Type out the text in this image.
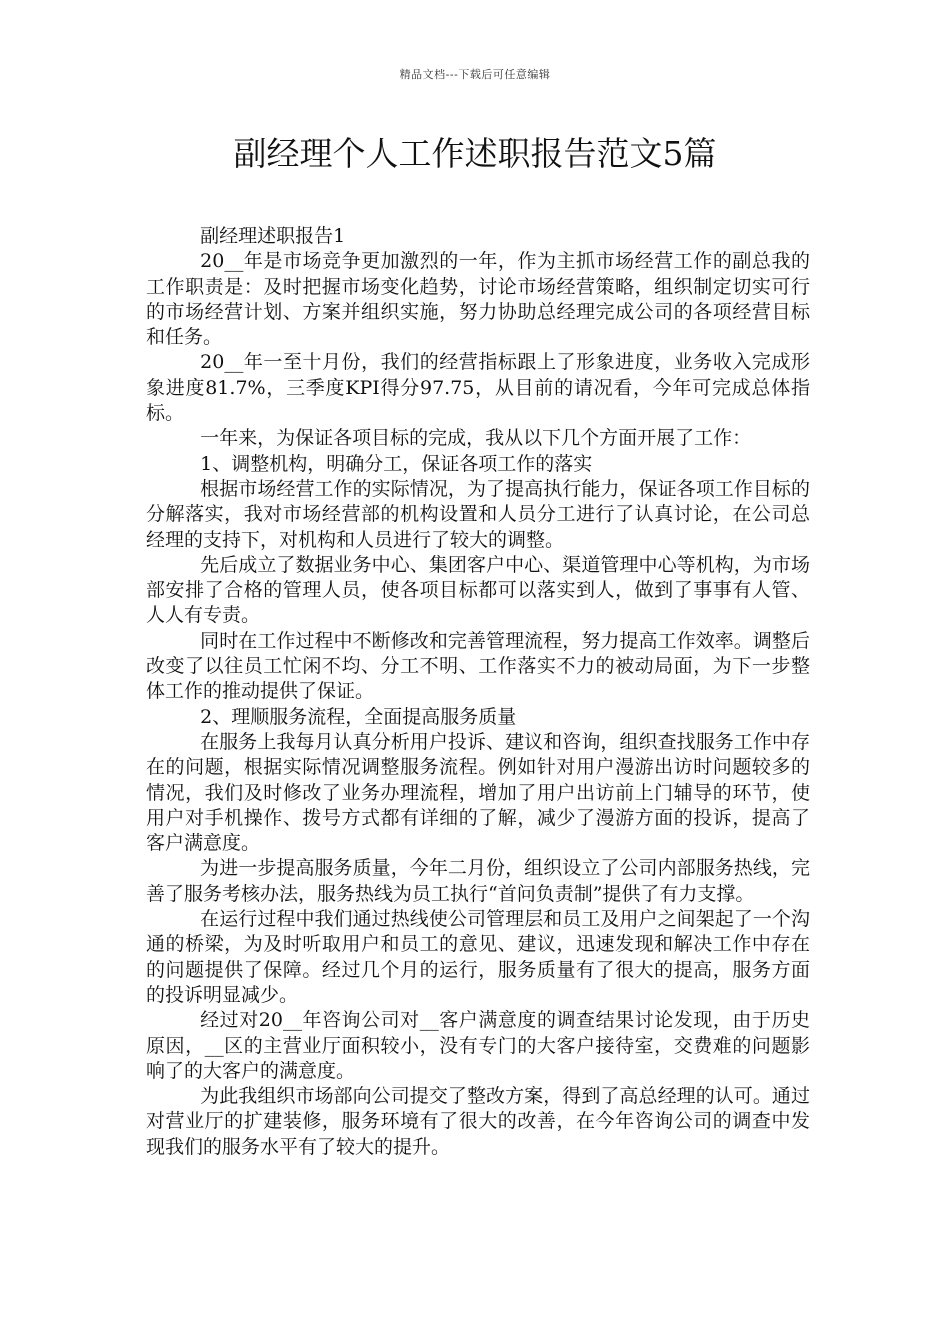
精品文档---下载后可任意编辑
副经理个人工作述职报告范文5篇

副经理述职报告1

20__年是市场竞争更加激烈的一年，作为主抓市场经营工作的副总我的工作职责是：及时把握市场变化趋势，讨论市场经营策略，组织制定切实可行的市场经营计划、方案并组织实施，努力协助总经理完成公司的各项经营目标和任务。

20__年一至十月份，我们的经营指标跟上了形象进度，业务收入完成形象进度81.7%，三季度KPI得分97.75，从目前的请况看，今年可完成总体指标。

一年来，为保证各项目标的完成，我从以下几个方面开展了工作：

1、调整机构，明确分工，保证各项工作的落实

根据市场经营工作的实际情况，为了提高执行能力，保证各项工作目标的分解落实，我对市场经营部的机构设置和人员分工进行了认真讨论，在公司总经理的支持下，对机构和人员进行了较大的调整。

先后成立了数据业务中心、集团客户中心、渠道管理中心等机构，为市场部安排了合格的管理人员，使各项目标都可以落实到人，做到了事事有人管、人人有专责。

同时在工作过程中不断修改和完善管理流程，努力提高工作效率。调整后改变了以往员工忙闲不均、分工不明、工作落实不力的被动局面，为下一步整体工作的推动提供了保证。

2、理顺服务流程，全面提高服务质量

在服务上我每月认真分析用户投诉、建议和咨询，组织查找服务工作中存在的问题，根据实际情况调整服务流程。例如针对用户漫游出访时问题较多的情况，我们及时修改了业务办理流程，增加了用户出访前上门辅导的环节，使用户对手机操作、拨号方式都有详细的了解，减少了漫游方面的投诉，提高了客户满意度。

为进一步提高服务质量，今年二月份，组织设立了公司内部服务热线，完善了服务考核办法，服务热线为员工执行“首问负责制”提供了有力支撑。

在运行过程中我们通过热线使公司管理层和员工及用户之间架起了一个沟通的桥梁，为及时听取用户和员工的意见、建议，迅速发现和解决工作中存在的问题提供了保障。经过几个月的运行，服务质量有了很大的提高，服务方面的投诉明显减少。

经过对20__年咨询公司对__客户满意度的调查结果讨论发现，由于历史原因，__区的主营业厅面积较小，没有专门的大客户接待室，交费难的问题影响了的大客户的满意度。

为此我组织市场部向公司提交了整改方案，得到了高总经理的认可。通过对营业厅的扩建装修，服务环境有了很大的改善，在今年咨询公司的调查中发现我们的服务水平有了较大的提升。
